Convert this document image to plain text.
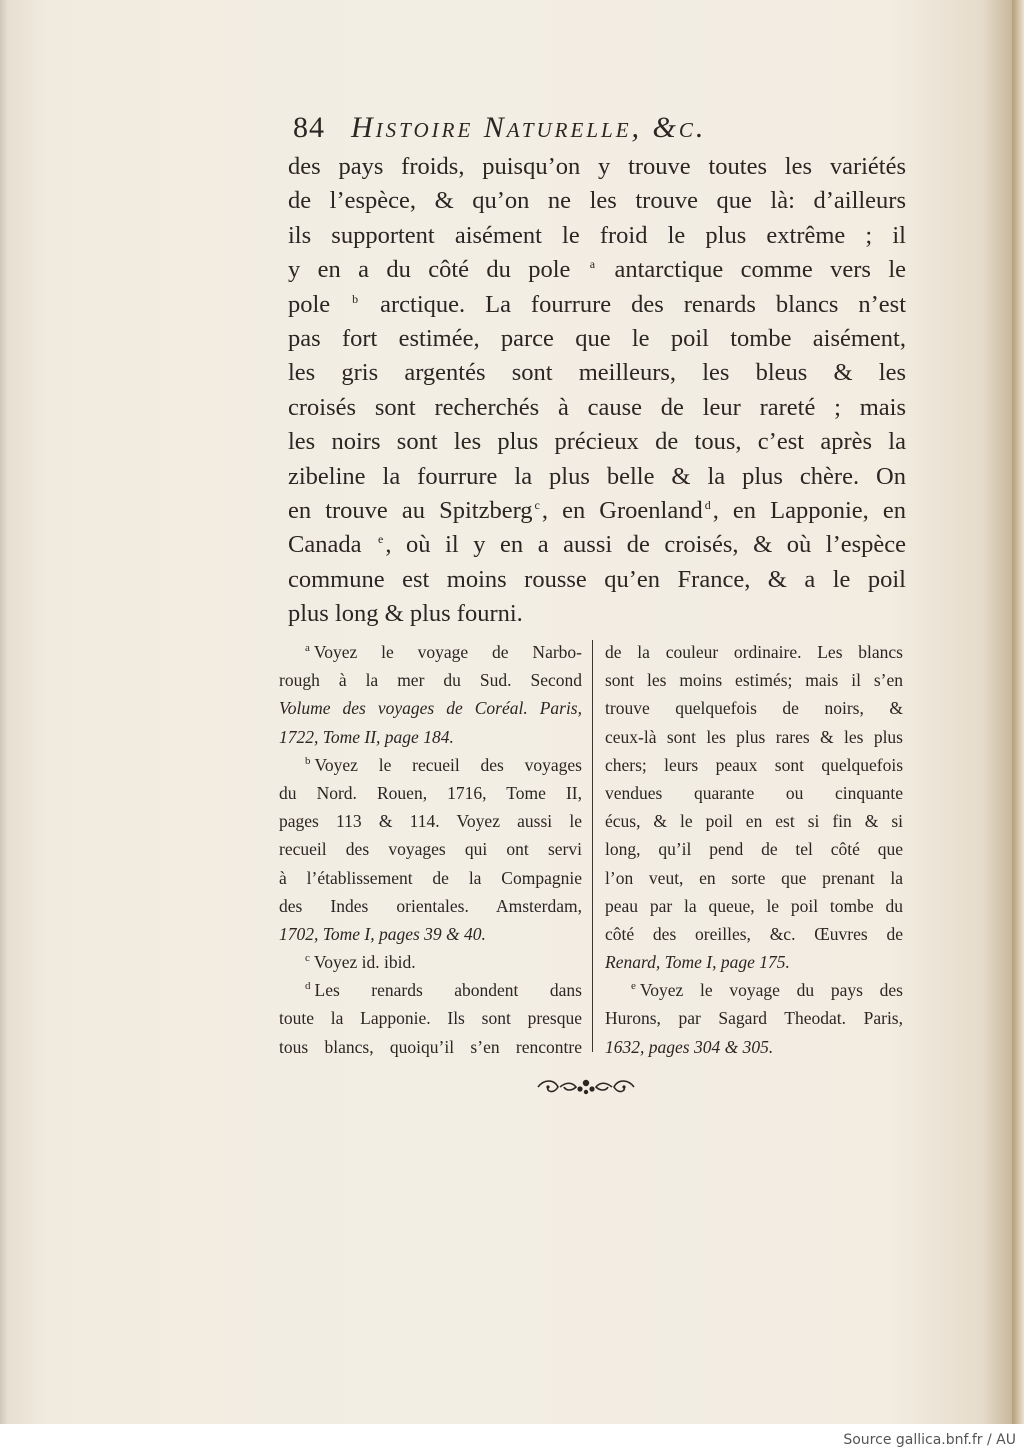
84 Histoire Naturelle, &c.
des pays froids, puisqu’on y trouve toutes les variétés
de l’espèce, & qu’on ne les trouve que là: d’ailleurs
ils supportent aisément le froid le plus extrême ; il
y en a du côté du pole $^a$ antarctique comme vers le
pole $^b$ arctique. La fourrure des renards blancs n’est
pas fort estimée, parce que le poil tombe aisément,
les gris argentés sont meilleurs, les bleus & les
croisés sont recherchés à cause de leur rareté ; mais
les noirs sont les plus précieux de tous, c’est après la
zibeline la fourrure la plus belle & la plus chère. On
en trouve au Spitzberg $^c$, en Groenland $^d$, en Lapponie, en
Canada $^e$, où il y en a aussi de croisés, & où l’espèce
commune est moins rousse qu’en France, & a le poil
plus long & plus fourni.
$^a$ Voyez le voyage de Narbo-
rough à la mer du Sud. Second
Volume des voyages de Coréal. Paris,
1722, Tome II, page 184.
$^b$ Voyez le recueil des voyages
du Nord. Rouen, 1716, Tome II,
pages 113 & 114. Voyez aussi le
recueil des voyages qui ont servi
à l’établissement de la Compagnie
des Indes orientales. Amsterdam,
1702, Tome I, pages 39 & 40.
$^c$ Voyez id. ibid.
$^d$ Les renards abondent dans
toute la Lapponie. Ils sont presque
tous blancs, quoiqu’il s’en rencontre
de la couleur ordinaire. Les blancs
sont les moins estimés; mais il s’en
trouve quelquefois de noirs, &
ceux-là sont les plus rares & les plus
chers; leurs peaux sont quelquefois
vendues quarante ou cinquante
écus, & le poil en est si fin & si
long, qu’il pend de tel côté que
l’on veut, en sorte que prenant la
peau par la queue, le poil tombe du
côté des oreilles, &c. Œuvres de
Renard, Tome I, page 175.
$^e$ Voyez le voyage du pays des
Hurons, par Sagard Theodat. Paris,
1632, pages 304 & 305.
Source gallica.bnf.fr / AU
